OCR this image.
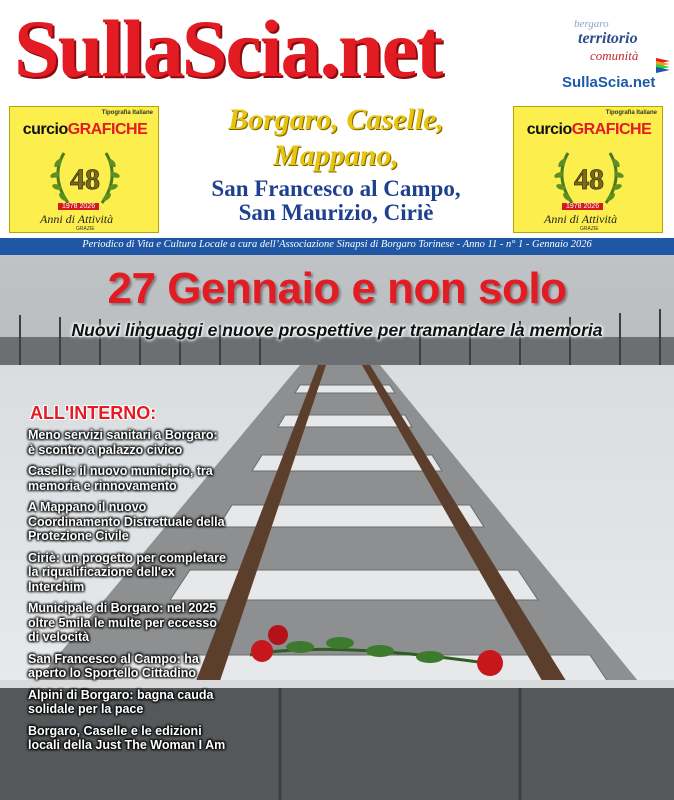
SullaScia.net	bergaro
territorio
comunità
SullaScia.net
Tipografia Italiane
curcioGRAFICHE
48
1978 2026
Anni di Attività
GRAZIE
Tipografia Italiane
curcioGRAFICHE
48
1978 2026
Anni di Attività
GRAZIE
Borgaro, Caselle,
Mappano,
San Francesco al Campo,
San Maurizio, Ciriè
Periodico di Vita e Cultura Locale a cura dell’Associazione Sinapsi di Borgaro Torinese - Anno 11 - n° 1 - Gennaio 2026
27 Gennaio e non solo
Nuovi linguaggi e nuove prospettive per tramandare la memoria
ALL'INTERNO:
Meno servizi sanitari a Borgaro:
è scontro a palazzo civico
Caselle: il nuovo municipio, tra
memoria e rinnovamento
A Mappano il nuovo
Coordinamento Distrettuale della
Protezione Civile
Ciriè: un progetto per completare
la riqualificazione dell'ex
Interchim
Municipale di Borgaro: nel 2025
oltre 5mila le multe per eccesso
di velocità
San Francesco al Campo: ha
aperto lo Sportello Cittadino
Alpini di Borgaro: bagna cauda
solidale per la pace
Borgaro, Caselle e le edizioni
locali della Just The Woman I Am
